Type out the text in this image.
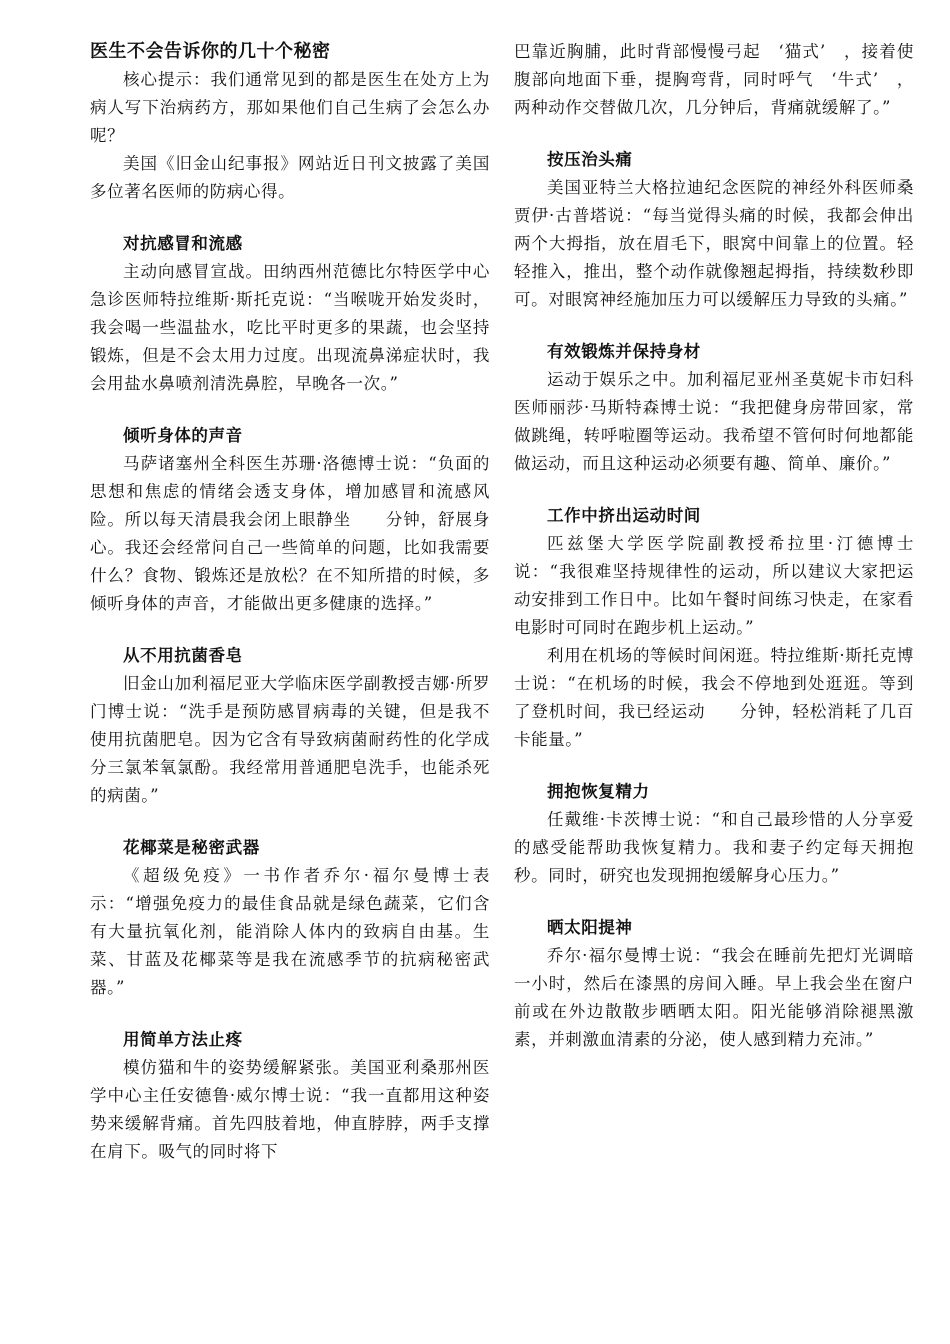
医生不会告诉你的几十个秘密

核心提示：我们通常见到的都是医生在处方上为病人写下治病药方，那如果他们自己生病了会怎么办呢？

美国《旧金山纪事报》网站近日刊文披露了美国多位著名医师的防病心得。

对抗感冒和流感

主动向感冒宣战。田纳西州范德比尔特医学中心急诊医师特拉维斯·斯托克说：“当喉咙开始发炎时，我会喝一些温盐水，吃比平时更多的果蔬，也会坚持锻炼，但是不会太用力过度。出现流鼻涕症状时，我会用盐水鼻喷剂清洗鼻腔，早晚各一次。”

倾听身体的声音

马萨诸塞州全科医生苏珊·洛德博士说：“负面的思想和焦虑的情绪会透支身体，增加感冒和流感风险。所以每天清晨我会闭上眼静坐　　分钟，舒展身心。我还会经常问自己一些简单的问题，比如我需要什么？食物、锻炼还是放松？在不知所措的时候，多倾听身体的声音，才能做出更多健康的选择。”

从不用抗菌香皂

旧金山加利福尼亚大学临床医学副教授吉娜·所罗门博士说：“洗手是预防感冒病毒的关键，但是我不使用抗菌肥皂。因为它含有导致病菌耐药性的化学成分三氯苯氧氯酚。我经常用普通肥皂洗手，也能杀死　　　的病菌。”

花椰菜是秘密武器

《超级免疫》一书作者乔尔·福尔曼博士表示：“增强免疫力的最佳食品就是绿色蔬菜，它们含有大量抗氧化剂，能消除人体内的致病自由基。生菜、甘蓝及花椰菜等是我在流感季节的抗病秘密武器。”

用简单方法止疼

模仿猫和牛的姿势缓解紧张。美国亚利桑那州医学中心主任安德鲁·威尔博士说：“我一直都用这种姿势来缓解背痛。首先四肢着地，伸直脖脖，两手支撑在肩下。吸气的同时将下

巴靠近胸脯，此时背部慢慢弓起　‘猫式’　，接着使腹部向地面下垂，提胸弯背，同时呼气　‘牛式’　，两种动作交替做几次，几分钟后，背痛就缓解了。”

按压治头痛

美国亚特兰大格拉迪纪念医院的神经外科医师桑贾伊·古普塔说：“每当觉得头痛的时候，我都会伸出两个大拇指，放在眉毛下，眼窝中间靠上的位置。轻轻推入，推出，整个动作就像翘起拇指，持续数秒即可。对眼窝神经施加压力可以缓解压力导致的头痛。”

有效锻炼并保持身材

运动于娱乐之中。加利福尼亚州圣莫妮卡市妇科医师丽莎·马斯特森博士说：“我把健身房带回家，常做跳绳，转呼啦圈等运动。我希望不管何时何地都能做运动，而且这种运动必须要有趣、简单、廉价。”

工作中挤出运动时间

匹兹堡大学医学院副教授希拉里·汀德博士说：“我很难坚持规律性的运动，所以建议大家把运动安排到工作日中。比如午餐时间练习快走，在家看电影时可同时在跑步机上运动。”

利用在机场的等候时间闲逛。特拉维斯·斯托克博士说：“在机场的时候，我会不停地到处逛逛。等到了登机时间，我已经运动　　分钟，轻松消耗了几百卡能量。”

拥抱恢复精力

任戴维·卡茨博士说：“和自己最珍惜的人分享爱的感受能帮助我恢复精力。我和妻子约定每天拥抱　　秒。同时，研究也发现拥抱缓解身心压力。”

晒太阳提神

乔尔·福尔曼博士说：“我会在睡前先把灯光调暗一小时，然后在漆黑的房间入睡。早上我会坐在窗户前或在外边散散步晒晒太阳。阳光能够消除褪黑激素，并刺激血清素的分泌，使人感到精力充沛。”
